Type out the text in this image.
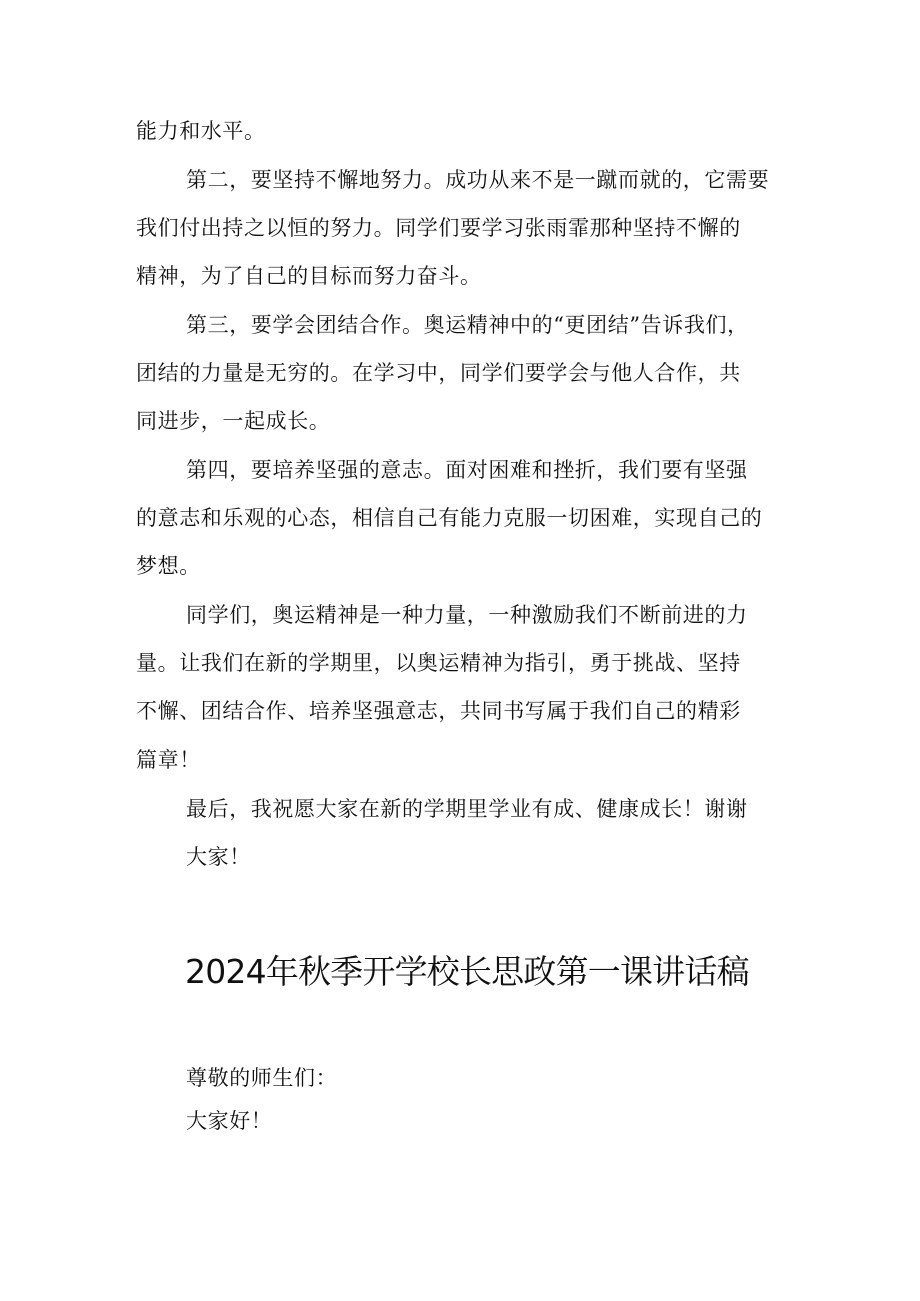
能力和水平。
第二，要坚持不懈地努力。成功从来不是一蹴而就的，它需要
我们付出持之以恒的努力。同学们要学习张雨霏那种坚持不懈的
精神，为了自己的目标而努力奋斗。
第三，要学会团结合作。奥运精神中的“更团结”告诉我们，
团结的力量是无穷的。在学习中，同学们要学会与他人合作，共
同进步，一起成长。
第四，要培养坚强的意志。面对困难和挫折，我们要有坚强
的意志和乐观的心态，相信自己有能力克服一切困难，实现自己的
梦想。
同学们，奥运精神是一种力量，一种激励我们不断前进的力
量。让我们在新的学期里，以奥运精神为指引，勇于挑战、坚持
不懈、团结合作、培养坚强意志，共同书写属于我们自己的精彩
篇章！
最后，我祝愿大家在新的学期里学业有成、健康成长！谢谢
大家！
2024年秋季开学校长思政第一课讲话稿
尊敬的师生们：
大家好！
